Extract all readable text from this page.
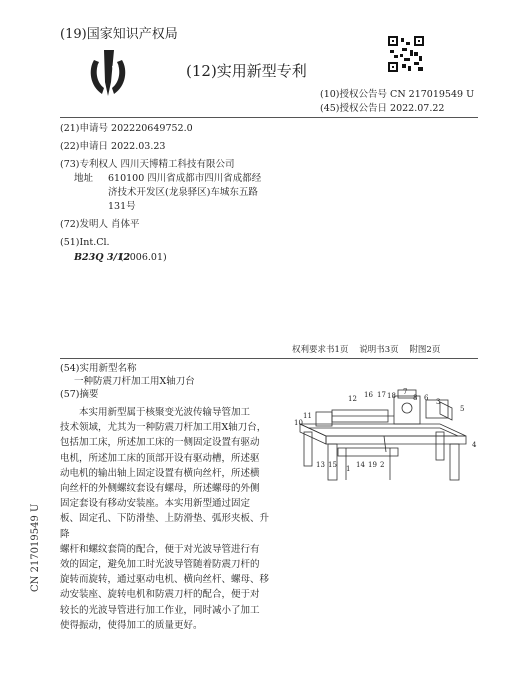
(19)国家知识产权局
(12)实用新型专利
(10)授权公告号 CN 217019549 U
(45)授权公告日 2022.07.22
(21)申请号 202220649752.0
(22)申请日 2022.03.23
(73)专利权人 四川天博精工科技有限公司
地址 610100 四川省成都市四川省成都经
济技术开发区(龙泉驿区)车城东五路
131号
(72)发明人 肖体平
(51)Int.Cl.
B23Q 3/12
(2006.01)
权利要求书1页    说明书3页    附图2页
(54)实用新型名称
一种防震刀杆加工用X轴刀台
(57)摘要

本实用新型属于核聚变光波传输导管加工

技术领域，尤其为一种防震刀杆加工用X轴刀台，

包括加工床，所述加工床的一侧固定设置有驱动

电机，所述加工床的顶部开设有驱动槽，所述驱

动电机的输出轴上固定设置有横向丝杆，所述横

向丝杆的外侧螺纹套设有螺母，所述螺母的外侧

固定套设有移动安装座。本实用新型通过固定

板、固定孔、下防滑垫、上防滑垫、弧形夹板、升降

螺杆和螺纹套筒的配合，便于对光波导管进行有

效的固定，避免加工时光波导管随着防震刀杆的

旋转而旋转，通过驱动电机、横向丝杆、螺母、移

动安装座、旋转电机和防震刀杆的配合，便于对

较长的光波导管进行加工作业，同时减小了加工

使得振动，使得加工的质量更好。

12 16 17 18 7
8 6 3
5
10
11
4
13 15 1 14 19 2
CN 217019549 U
